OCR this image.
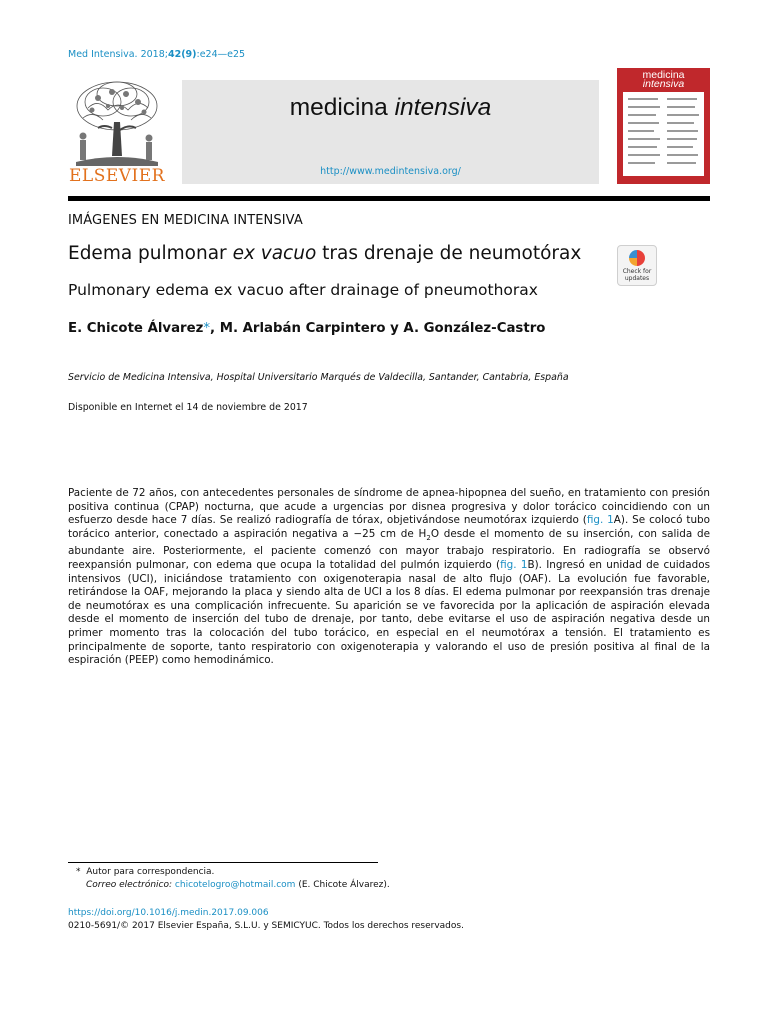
Med Intensiva. 2018;42(9):e24—e25
ELSEVIER
medicina intensiva
http://www.medintensiva.org/
medicina
intensiva
IMÁGENES EN MEDICINA INTENSIVA
Edema pulmonar ex vacuo tras drenaje de neumotórax
Check for updates
Pulmonary edema ex vacuo after drainage of pneumothorax
E. Chicote Álvarez*, M. Arlabán Carpintero y A. González-Castro
Servicio de Medicina Intensiva, Hospital Universitario Marqués de Valdecilla, Santander, Cantabria, España
Disponible en Internet el 14 de noviembre de 2017
Paciente de 72 años, con antecedentes personales de síndrome de apnea-hipopnea del sueño, en tratamiento con presión positiva continua (CPAP) nocturna, que acude a urgencias por disnea progresiva y dolor torácico coincidiendo con un esfuerzo desde hace 7 días. Se realizó radiografía de tórax, objetivándose neumotórax izquierdo (fig. 1A). Se colocó tubo torácico anterior, conectado a aspiración negativa a −25 cm de $H_2O$ desde el momento de su inserción, con salida de abundante aire. Posteriormente, el paciente comenzó con mayor trabajo respiratorio. En radiografía se observó reexpansión pulmonar, con edema que ocupa la totalidad del pulmón izquierdo (fig. 1B). Ingresó en unidad de cuidados intensivos (UCI), iniciándose tratamiento con oxigenoterapia nasal de alto flujo (OAF). La evolución fue favorable, retirándose la OAF, mejorando la placa y siendo alta de UCI a los 8 días. El edema pulmonar por reexpansión tras drenaje de neumotórax es una complicación infrecuente. Su aparición se ve favorecida por la aplicación de aspiración elevada desde el momento de inserción del tubo de drenaje, por tanto, debe evitarse el uso de aspiración negativa desde un primer momento tras la colocación del tubo torácico, en especial en el neumotórax a tensión. El tratamiento es principalmente de soporte, tanto respiratorio con oxigenoterapia y valorando el uso de presión positiva al final de la espiración (PEEP) como hemodinámico.
* Autor para correspondencia.
Correo electrónico: chicotelogro@hotmail.com (E. Chicote Álvarez).
https://doi.org/10.1016/j.medin.2017.09.006
0210-5691/© 2017 Elsevier España, S.L.U. y SEMICYUC. Todos los derechos reservados.
